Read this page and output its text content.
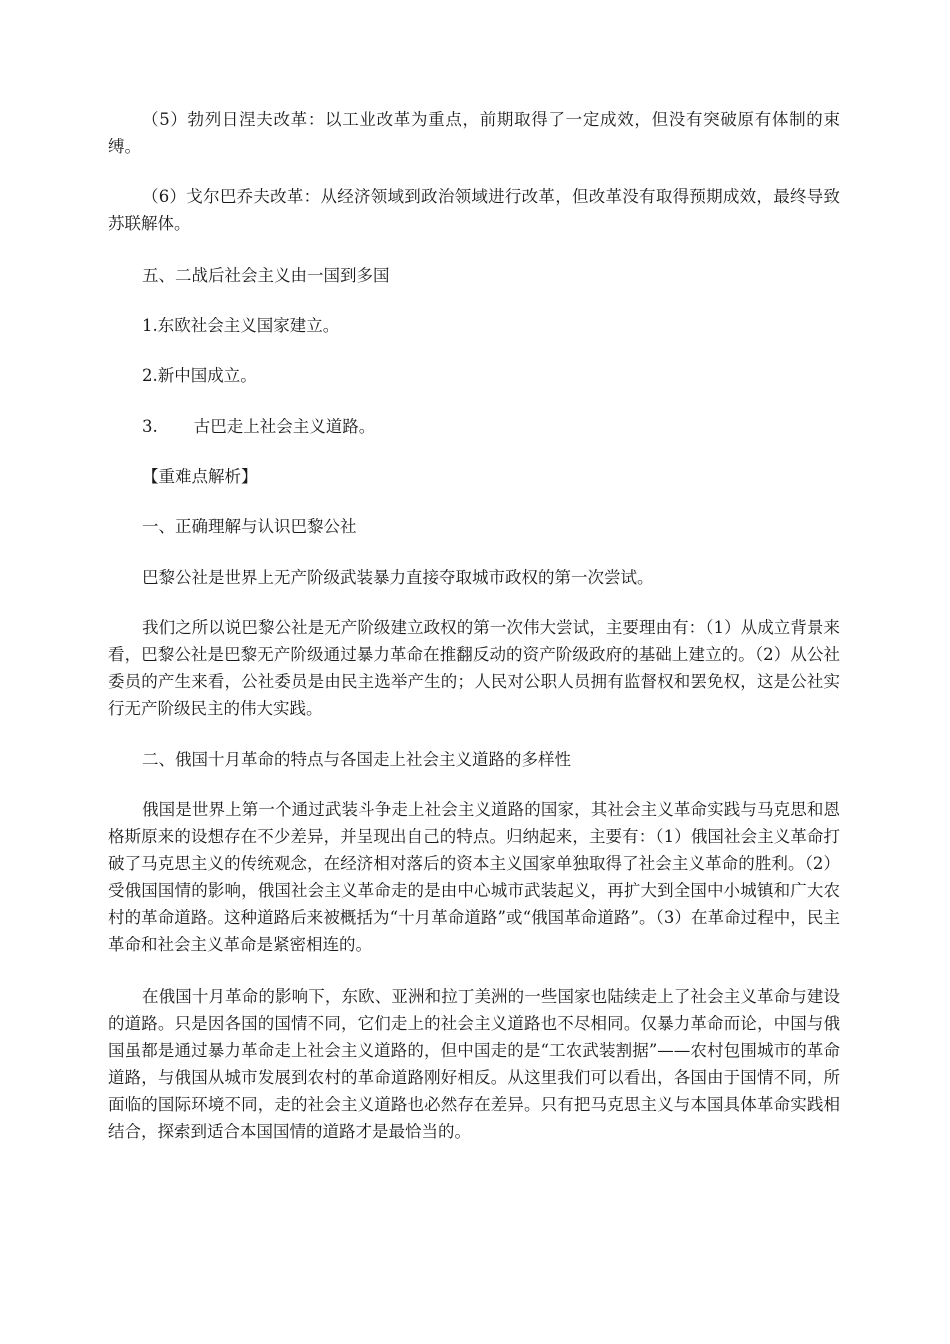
（5）勃列日涅夫改革：以工业改革为重点，前期取得了一定成效，但没有突破原有体制的束缚。

（6）戈尔巴乔夫改革：从经济领域到政治领域进行改革，但改革没有取得预期成效，最终导致苏联解体。

五、二战后社会主义由一国到多国

1.东欧社会主义国家建立。

2.新中国成立。

3. 古巴走上社会主义道路。

【重难点解析】

一、正确理解与认识巴黎公社

巴黎公社是世界上无产阶级武装暴力直接夺取城市政权的第一次尝试。

我们之所以说巴黎公社是无产阶级建立政权的第一次伟大尝试，主要理由有：（1）从成立背景来看，巴黎公社是巴黎无产阶级通过暴力革命在推翻反动的资产阶级政府的基础上建立的。（2）从公社委员的产生来看，公社委员是由民主选举产生的；人民对公职人员拥有监督权和罢免权，这是公社实行无产阶级民主的伟大实践。

二、俄国十月革命的特点与各国走上社会主义道路的多样性

俄国是世界上第一个通过武装斗争走上社会主义道路的国家，其社会主义革命实践与马克思和恩格斯原来的设想存在不少差异，并呈现出自己的特点。归纳起来，主要有：（1）俄国社会主义革命打破了马克思主义的传统观念，在经济相对落后的资本主义国家单独取得了社会主义革命的胜利。（2）受俄国国情的影响，俄国社会主义革命走的是由中心城市武装起义，再扩大到全国中小城镇和广大农村的革命道路。这种道路后来被概括为“十月革命道路”或“俄国革命道路”。（3）在革命过程中，民主革命和社会主义革命是紧密相连的。

在俄国十月革命的影响下，东欧、亚洲和拉丁美洲的一些国家也陆续走上了社会主义革命与建设的道路。只是因各国的国情不同，它们走上的社会主义道路也不尽相同。仅暴力革命而论，中国与俄国虽都是通过暴力革命走上社会主义道路的，但中国走的是“工农武装割据”——农村包围城市的革命道路，与俄国从城市发展到农村的革命道路刚好相反。从这里我们可以看出，各国由于国情不同，所面临的国际环境不同，走的社会主义道路也必然存在差异。只有把马克思主义与本国具体革命实践相结合，探索到适合本国国情的道路才是最恰当的。
